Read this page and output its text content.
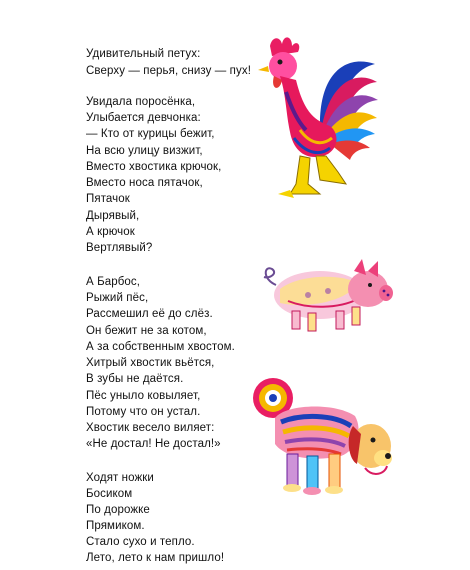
Удивительный петух:
Сверху — перья, снизу — пух!
Увидала поросёнка,
Улыбается девчонка:
— Кто от курицы бежит,
На всю улицу визжит,
Вместо хвостика крючок,
Вместо носа пятачок,
Пятачок
Дырявый,
А крючок
Вертлявый?
А Барбос,
Рыжий пёс,
Рассмешил её до слёз.
Он бежит не за котом,
А за собственным хвостом.
Хитрый хвостик вьётся,
В зубы не даётся.
Пёс уныло ковыляет,
Потому что он устал.
Хвостик весело виляет:
«Не достал! Не достал!»
Ходят ножки
Босиком
По дорожке
Прямиком.
Стало сухо и тепло.
Лето, лето к нам пришло!
